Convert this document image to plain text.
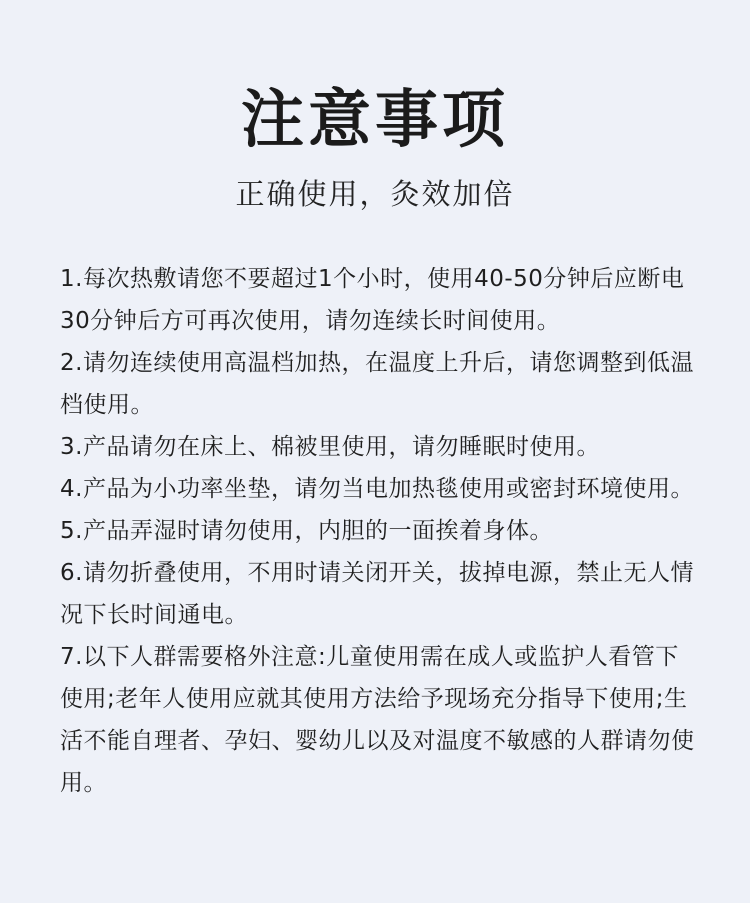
注意事项
正确使用，灸效加倍
1.每次热敷请您不要超过1个小时，使用40-50分钟后应断电30分钟后方可再次使用，请勿连续长时间使用。
2.请勿连续使用高温档加热，在温度上升后，请您调整到低温档使用。
3.产品请勿在床上、棉被里使用，请勿睡眠时使用。
4.产品为小功率坐垫，请勿当电加热毯使用或密封环境使用。
5.产品弄湿时请勿使用，内胆的一面挨着身体。
6.请勿折叠使用，不用时请关闭开关，拔掉电源，禁止无人情况下长时间通电。
7.以下人群需要格外注意:儿童使用需在成人或监护人看管下使用;老年人使用应就其使用方法给予现场充分指导下使用;生活不能自理者、孕妇、婴幼儿以及对温度不敏感的人群请勿使用。
